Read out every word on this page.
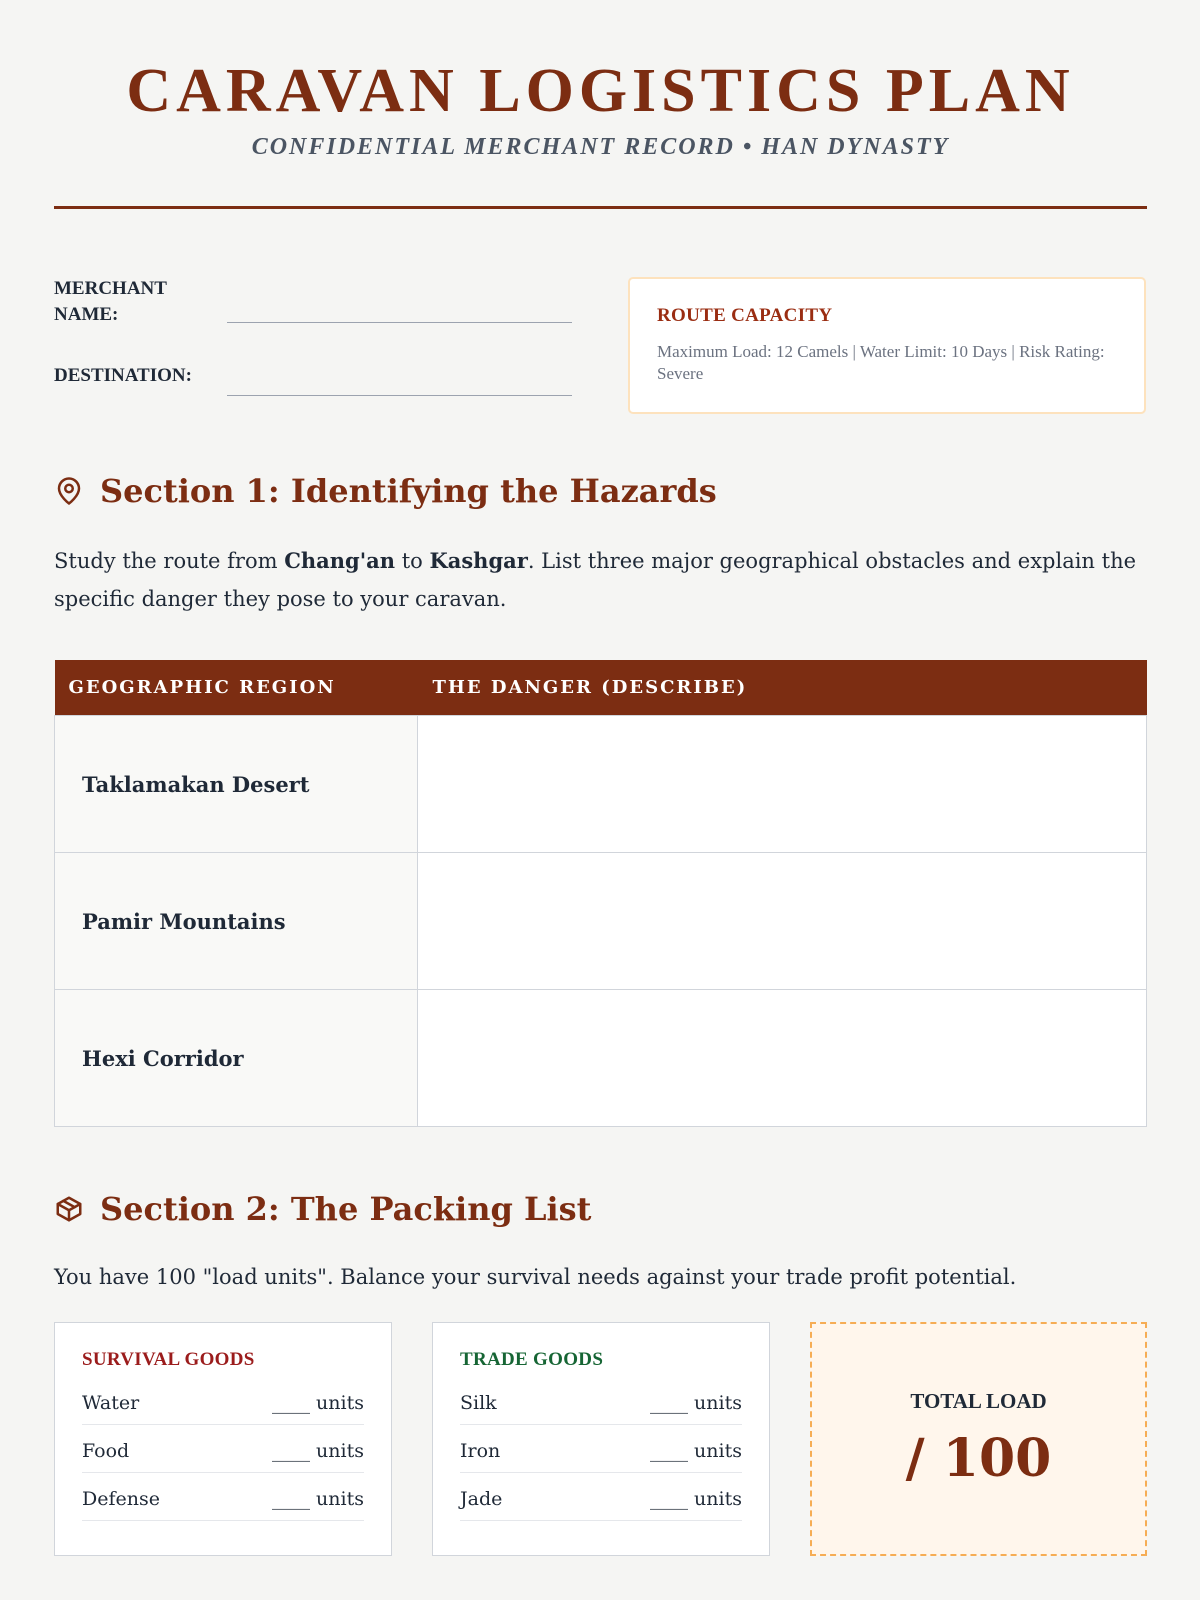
CARAVAN LOGISTICS PLAN
CONFIDENTIAL MERCHANT RECORD • HAN DYNASTY
MERCHANT NAME:
DESTINATION:
ROUTE CAPACITY
Maximum Load: 12 Camels | Water Limit: 10 Days | Risk Rating: Severe
Section 1: Identifying the Hazards
Study the route from Chang'an to Kashgar. List three major geographical obstacles and explain the specific danger they pose to your caravan.
GEOGRAPHIC REGION	THE DANGER (DESCRIBE)
Taklamakan Desert	
Pamir Mountains	
Hexi Corridor	
Section 2: The Packing List
You have 100 "load units". Balance your survival needs against your trade profit potential.
SURVIVAL GOODS
Water	____ units
Food	____ units
Defense	____ units
TRADE GOODS
Silk	____ units
Iron	____ units
Jade	____ units
TOTAL LOAD
/ 100
